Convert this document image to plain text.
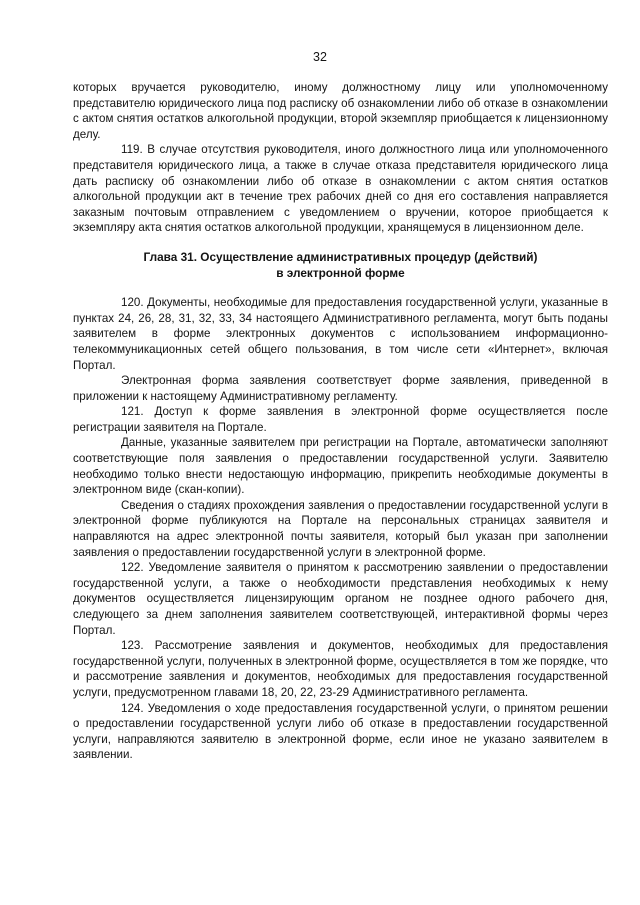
32

которых вручается руководителю, иному должностному лицу или уполномоченному представителю юридического лица под расписку об ознакомлении либо об отказе в ознакомлении с актом снятия остатков алкогольной продукции, второй экземпляр приобщается к лицензионному делу.

119. В случае отсутствия руководителя, иного должностного лица или уполномоченного представителя юридического лица, а также в случае отказа представителя юридического лица дать расписку об ознакомлении либо об отказе в ознакомлении с актом снятия остатков алкогольной продукции акт в течение трех рабочих дней со дня его составления направляется заказным почтовым отправлением с уведомлением о вручении, которое приобщается к экземпляру акта снятия остатков алкогольной продукции, хранящемуся в лицензионном деле.

Глава 31. Осуществление административных процедур (действий)
в электронной форме

120. Документы, необходимые для предоставления государственной услуги, указанные в пунктах 24, 26, 28, 31, 32, 33, 34 настоящего Административного регламента, могут быть поданы заявителем в форме электронных документов с использованием информационно-телекоммуникационных сетей общего пользования, в том числе сети «Интернет», включая Портал.

Электронная форма заявления соответствует форме заявления, приведенной в приложении к настоящему Административному регламенту.

121. Доступ к форме заявления в электронной форме осуществляется после регистрации заявителя на Портале.

Данные, указанные заявителем при регистрации на Портале, автоматически заполняют соответствующие поля заявления о предоставлении государственной услуги. Заявителю необходимо только внести недостающую информацию, прикрепить необходимые документы в электронном виде (скан-копии).

Сведения о стадиях прохождения заявления о предоставлении государственной услуги в электронной форме публикуются на Портале на персональных страницах заявителя и направляются на адрес электронной почты заявителя, который был указан при заполнении заявления о предоставлении государственной услуги в электронной форме.

122. Уведомление заявителя о принятом к рассмотрению заявлении о предоставлении государственной услуги, а также о необходимости представления необходимых к нему документов осуществляется лицензирующим органом не позднее одного рабочего дня, следующего за днем заполнения заявителем соответствующей, интерактивной формы через Портал.

123. Рассмотрение заявления и документов, необходимых для предоставления государственной услуги, полученных в электронной форме, осуществляется в том же порядке, что и рассмотрение заявления и документов, необходимых для предоставления государственной услуги, предусмотренном главами 18, 20, 22, 23-29 Административного регламента.

124. Уведомления о ходе предоставления государственной услуги, о принятом решении о предоставлении государственной услуги либо об отказе в предоставлении государственной услуги, направляются заявителю в электронной форме, если иное не указано заявителем в заявлении.
